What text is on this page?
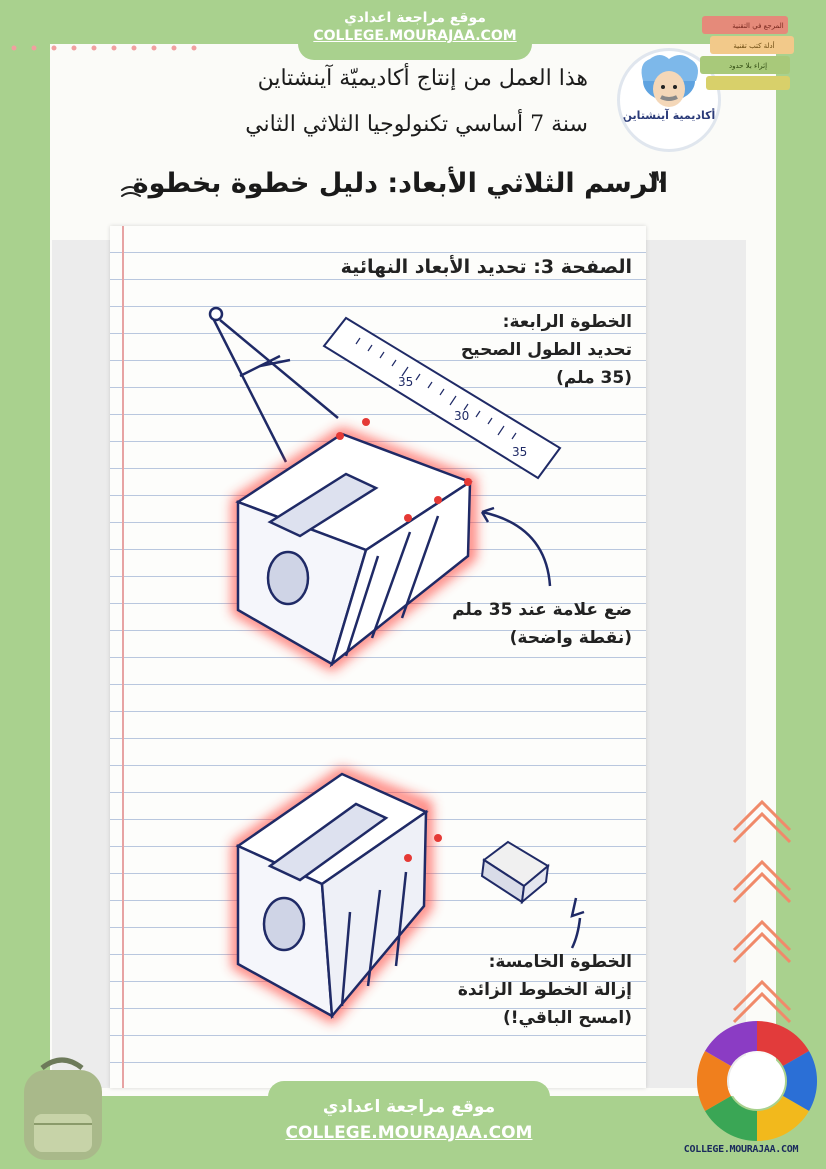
موقع مراجعة اعدادي
COLLEGE.MOURAJAA.COM
هذا العمل من إنتاج أكاديميّة آينشتاين
سنة 7 أساسي تكنولوجيا الثلاثي الثاني
الرسم الثلاثي الأبعاد: دليل خطوة بخطوة
أكاديمية آينشتاين
المرجع في التقنية
أدلة كتب تقنية
إثراء بلا حدود
35
30
35
الصفحة 3: تحديد الأبعاد النهائية
الخطوة الرابعة:
تحديد الطول الصحيح
(35 ملم)
ضع علامة عند 35 ملم
(نقطة واضحة)
الخطوة الخامسة:
إزالة الخطوط الزائدة
(امسح الباقي!)
موقع مراجعة اعدادي
COLLEGE.MOURAJAA.COM
COLLEGE.MOURAJAA.COM
